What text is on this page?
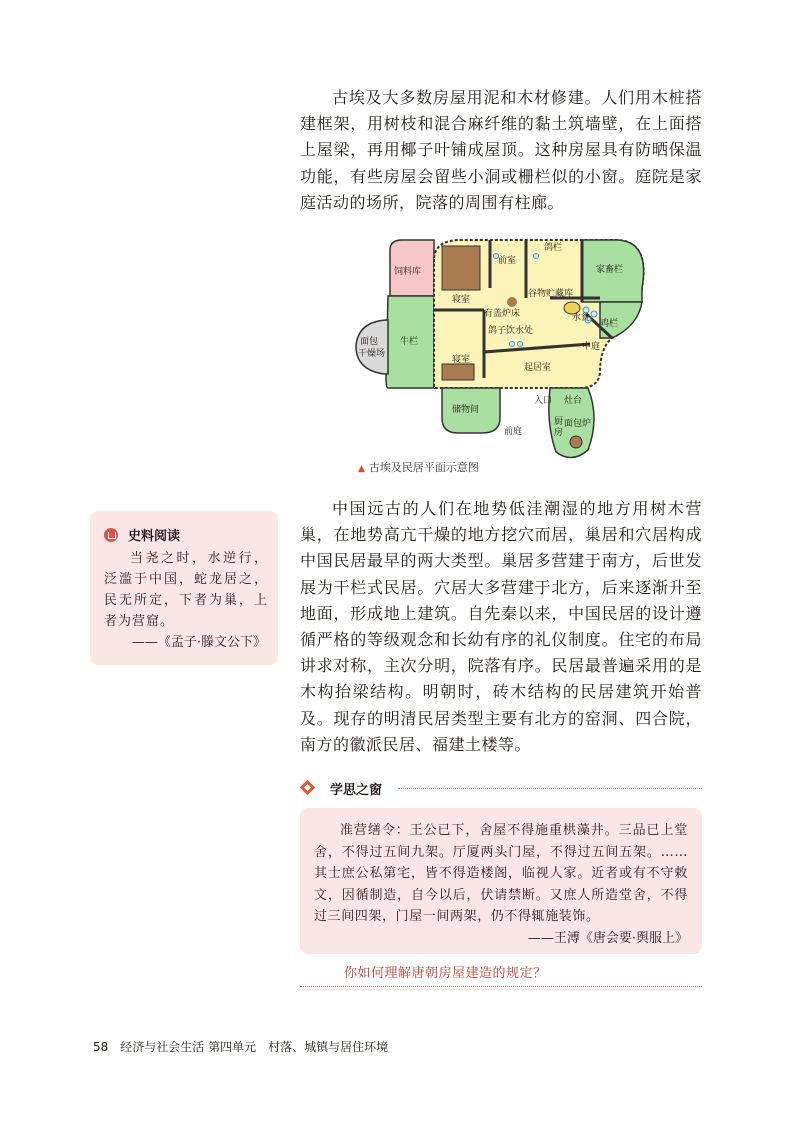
古埃及大多数房屋用泥和木材修建。人们用木桩搭建框架，用树枝和混合麻纤维的黏土筑墙壁，在上面搭上屋梁，再用椰子叶铺成屋顶。这种房屋具有防晒保温功能，有些房屋会留些小洞或栅栏似的小窗。庭院是家庭活动的场所，院落的周围有柱廊。

饲料库
牛栏
面包
干燥场
前室
鸽栏
家畜栏
寝室
谷物贮藏库
水瓮
鸡栏
有盖炉床
鸽子饮水处
中庭
寝室
起居室
入口 灶台
厨
房
面包炉
储物间
前庭
▲ 古埃及民居平面示意图
史料阅读

当尧之时，水逆行，泛滥于中国，蛇龙居之，民无所定，下者为巢，上者为营窟。

——《孟子·滕文公下》

中国远古的人们在地势低洼潮湿的地方用树木营巢，在地势高亢干燥的地方挖穴而居，巢居和穴居构成中国民居最早的两大类型。巢居多营建于南方，后世发展为干栏式民居。穴居大多营建于北方，后来逐渐升至地面，形成地上建筑。自先秦以来，中国民居的设计遵循严格的等级观念和长幼有序的礼仪制度。住宅的布局讲求对称，主次分明，院落有序。民居最普遍采用的是木构抬梁结构。明朝时，砖木结构的民居建筑开始普及。现存的明清民居类型主要有北方的窑洞、四合院，南方的徽派民居、福建土楼等。

学思之窗

准营缮令：王公已下，舍屋不得施重栱藻井。三品已上堂舍，不得过五间九架。厅厦两头门屋，不得过五间五架。……其士庶公私第宅，皆不得造楼阁，临视人家。近者或有不守敕文，因循制造，自今以后，伏请禁断。又庶人所造堂舍，不得过三间四架，门屋一间两架，仍不得辄施装饰。

——王溥《唐会要·舆服上》

你如何理解唐朝房屋建造的规定？
58 经济与社会生活 第四单元　村落、城镇与居住环境
